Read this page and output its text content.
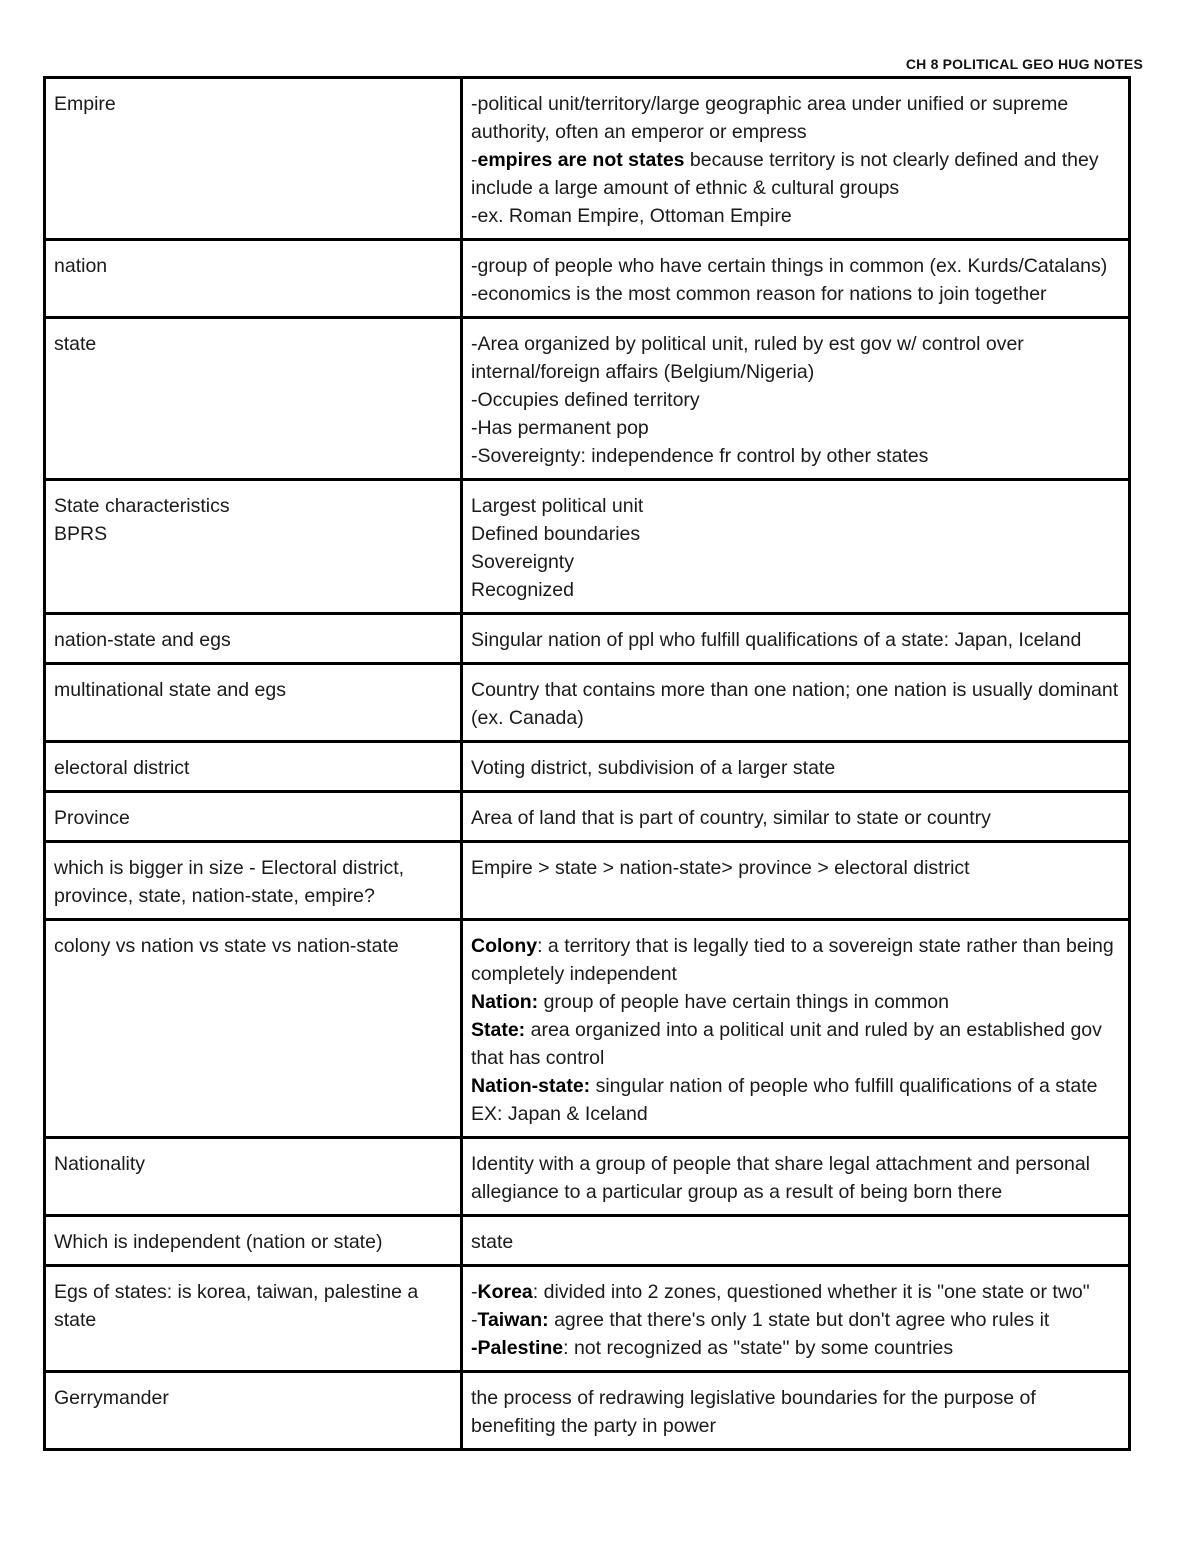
CH 8 POLITICAL GEO HUG NOTES
Empire	-political unit/territory/large geographic area under unified or supreme authority, often an emperor or empress
-empires are not states because territory is not clearly defined and they include a large amount of ethnic & cultural groups
-ex. Roman Empire, Ottoman Empire

nation	-group of people who have certain things in common (ex. Kurds/Catalans)
-economics is the most common reason for nations to join together

state	-Area organized by political unit, ruled by est gov w/ control over internal/foreign affairs (Belgium/Nigeria)
-Occupies defined territory
-Has permanent pop
-Sovereignty: independence fr control by other states

State characteristics
BPRS	Largest political unit
Defined boundaries
Sovereignty
Recognized

nation-state and egs	Singular nation of ppl who fulfill qualifications of a state: Japan, Iceland

multinational state and egs	Country that contains more than one nation; one nation is usually dominant (ex. Canada)

electoral district	Voting district, subdivision of a larger state

Province	Area of land that is part of country, similar to state or country

which is bigger in size - Electoral district, province, state, nation-state, empire?	Empire > state > nation-state> province > electoral district

colony vs nation vs state vs nation-state	Colony: a territory that is legally tied to a sovereign state rather than being completely independent
Nation: group of people have certain things in common
State: area organized into a political unit and ruled by an established gov that has control
Nation-state: singular nation of people who fulfill qualifications of a state EX: Japan & Iceland

Nationality	Identity with a group of people that share legal attachment and personal allegiance to a particular group as a result of being born there

Which is independent (nation or state)	state

Egs of states: is korea, taiwan, palestine a state	-Korea: divided into 2 zones, questioned whether it is "one state or two"
-Taiwan: agree that there's only 1 state but don't agree who rules it
-Palestine: not recognized as "state" by some countries

Gerrymander	the process of redrawing legislative boundaries for the purpose of benefiting the party in power
